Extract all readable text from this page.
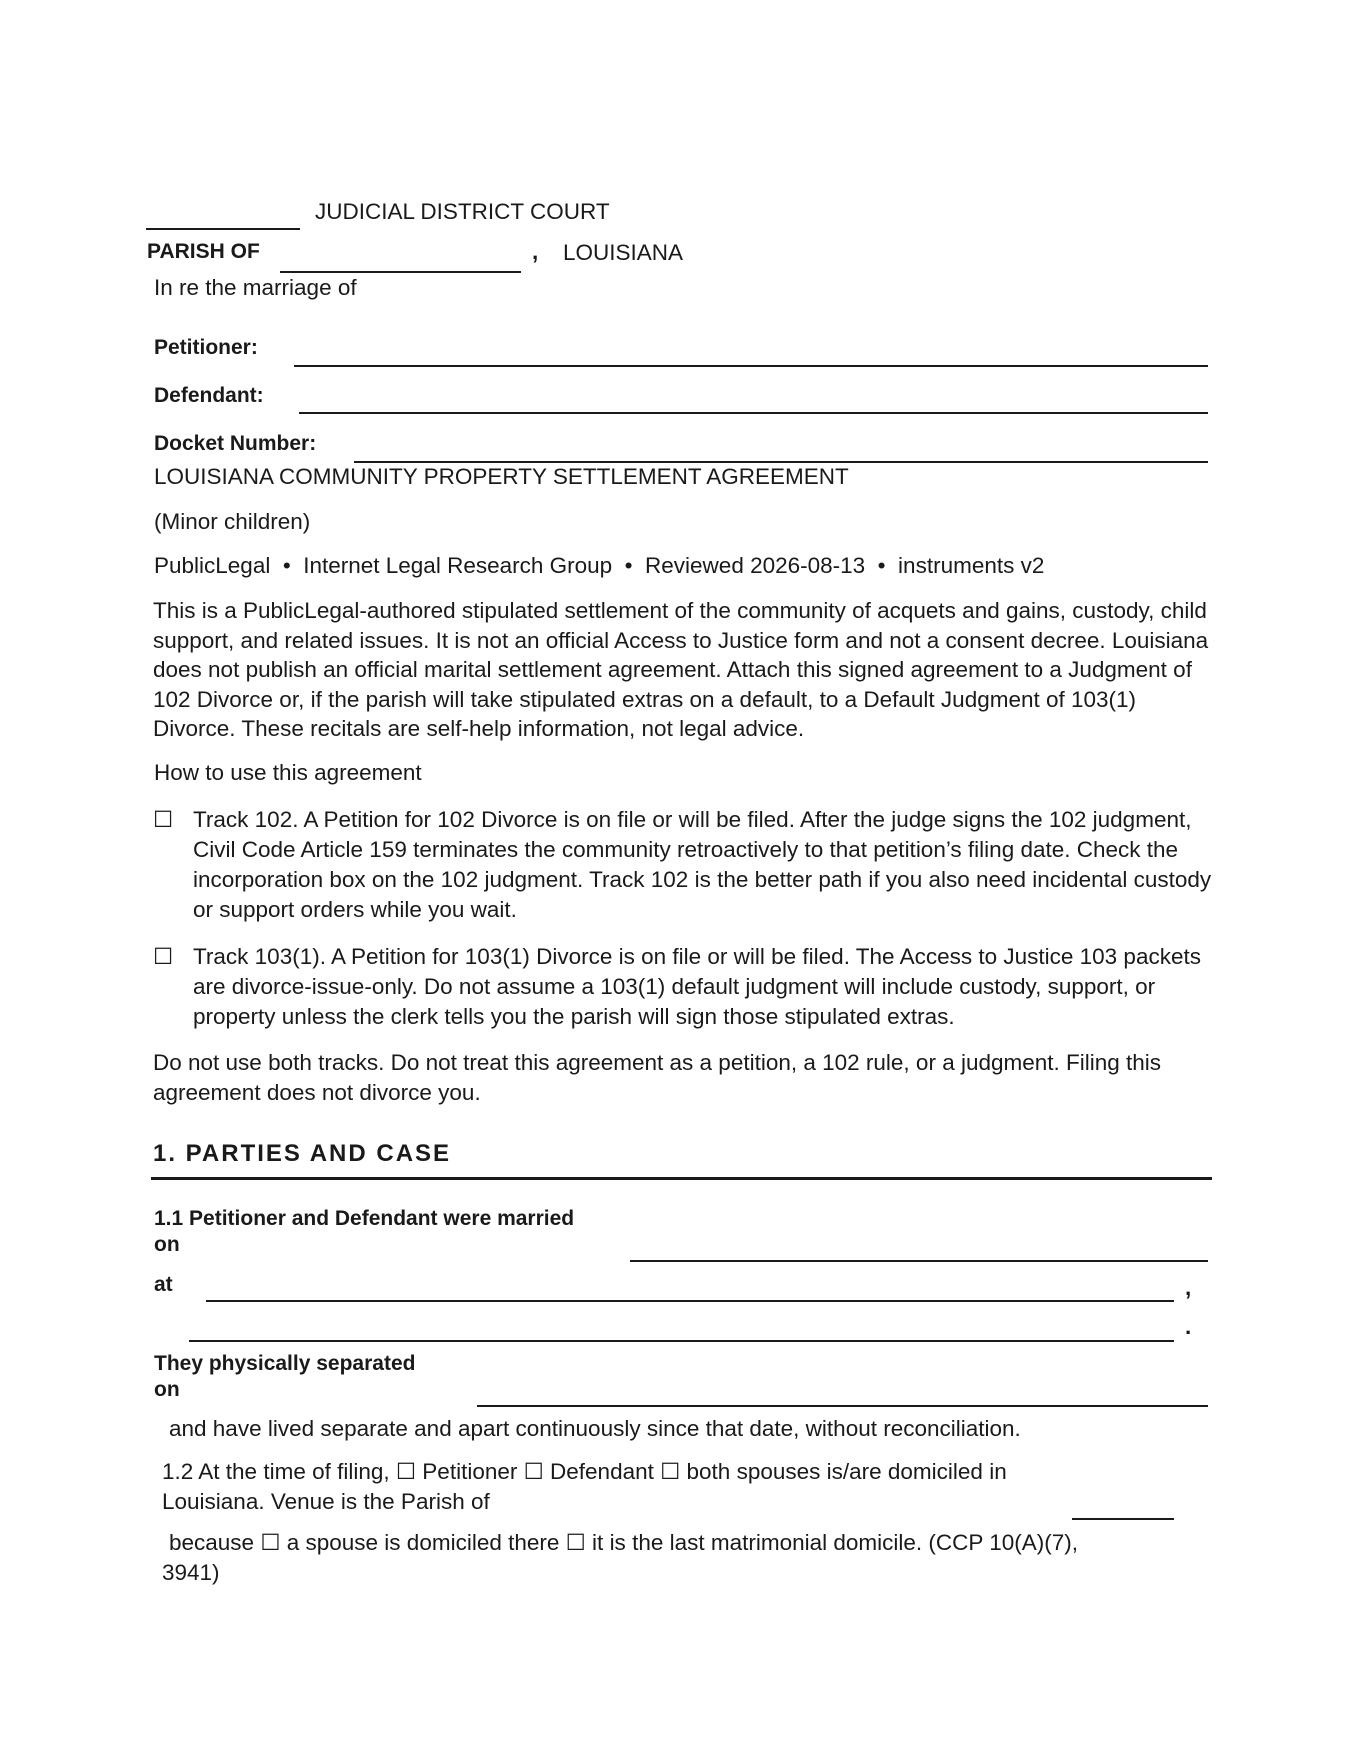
JUDICIAL DISTRICT COURT
PARISH OF	, LOUISIANA
In re the marriage of
Petitioner:
Defendant:
Docket Number:
LOUISIANA COMMUNITY PROPERTY SETTLEMENT AGREEMENT
(Minor children)
PublicLegal  •  Internet Legal Research Group  •  Reviewed 2026-08-13  •  instruments v2
This is a PublicLegal-authored stipulated settlement of the community of acquets and gains, custody, child support, and related issues. It is not an official Access to Justice form and not a consent decree. Louisiana does not publish an official marital settlement agreement. Attach this signed agreement to a Judgment of 102 Divorce or, if the parish will take stipulated extras on a default, to a Default Judgment of 103(1) Divorce. These recitals are self-help information, not legal advice.
How to use this agreement
☐ Track 102. A Petition for 102 Divorce is on file or will be filed. After the judge signs the 102 judgment, Civil Code Article 159 terminates the community retroactively to that petition’s filing date. Check the incorporation box on the 102 judgment. Track 102 is the better path if you also need incidental custody or support orders while you wait.
☐ Track 103(1). A Petition for 103(1) Divorce is on file or will be filed. The Access to Justice 103 packets are divorce-issue-only. Do not assume a 103(1) default judgment will include custody, support, or property unless the clerk tells you the parish will sign those stipulated extras.
Do not use both tracks. Do not treat this agreement as a petition, a 102 rule, or a judgment. Filing this agreement does not divorce you.
1. PARTIES AND CASE
1.1 Petitioner and Defendant were married
on
at	,
.
They physically separated
on
and have lived separate and apart continuously since that date, without reconciliation.
1.2 At the time of filing, ☐ Petitioner ☐ Defendant ☐ both spouses is/are domiciled in Louisiana. Venue is the Parish of
because ☐ a spouse is domiciled there ☐ it is the last matrimonial domicile. (CCP 10(A)(7), 3941)
